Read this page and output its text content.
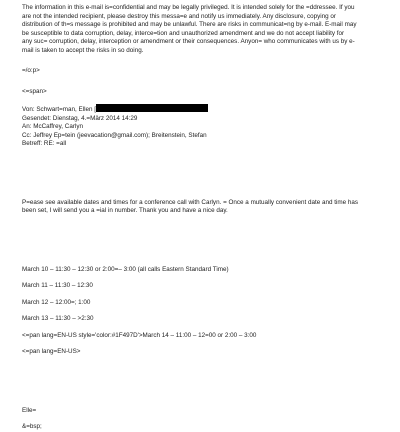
The information in this e-mail is=confidential and may be legally privileged. It is intended solely for the =ddressee. If you

are not the intended recipient, please destroy this messa=e and notify us immediately. Any disclosure, copying or

distribution of th=s message is prohibited and may be unlawful. There are risks in communicat=ng by e-mail. E-mail may

be susceptible to data corruption, delay, interce=tion and unauthorized amendment and we do not accept liability for

any suc= corruption, delay, interception or amendment or their consequences. Anyon= who communicates with us by e-

mail is taken to accept the risks in so doing.

=/o:p>

<=span>

Von: Schwart=man, Ellen [

Gesendet: Dienstag, 4.=März 2014 14:29

An: McCaffrey, Carlyn

Cc: Jeffrey Ep=tein (jeevacation@gmail.com); Breitenstein, Stefan

Betreff: RE: =all

P=ease see available dates and times for a conference call with Carlyn. = Once a mutually convenient date and time has

been set, I will send you a =ial in number. Thank you and have a nice day.

March 10 – 11:30 – 12:30 or 2:00=– 3:00 (all calls Eastern Standard Time)

March 11 – 11:30 – 12:30

March 12 – 12:00=; 1:00

March 13 – 11:30 – >2:30

<=pan lang=EN-US style='color:#1F497D'>March 14 – 11:00 – 12=00 or 2:00 – 3:00

<=pan lang=EN-US>

Elle=

&=bsp;
